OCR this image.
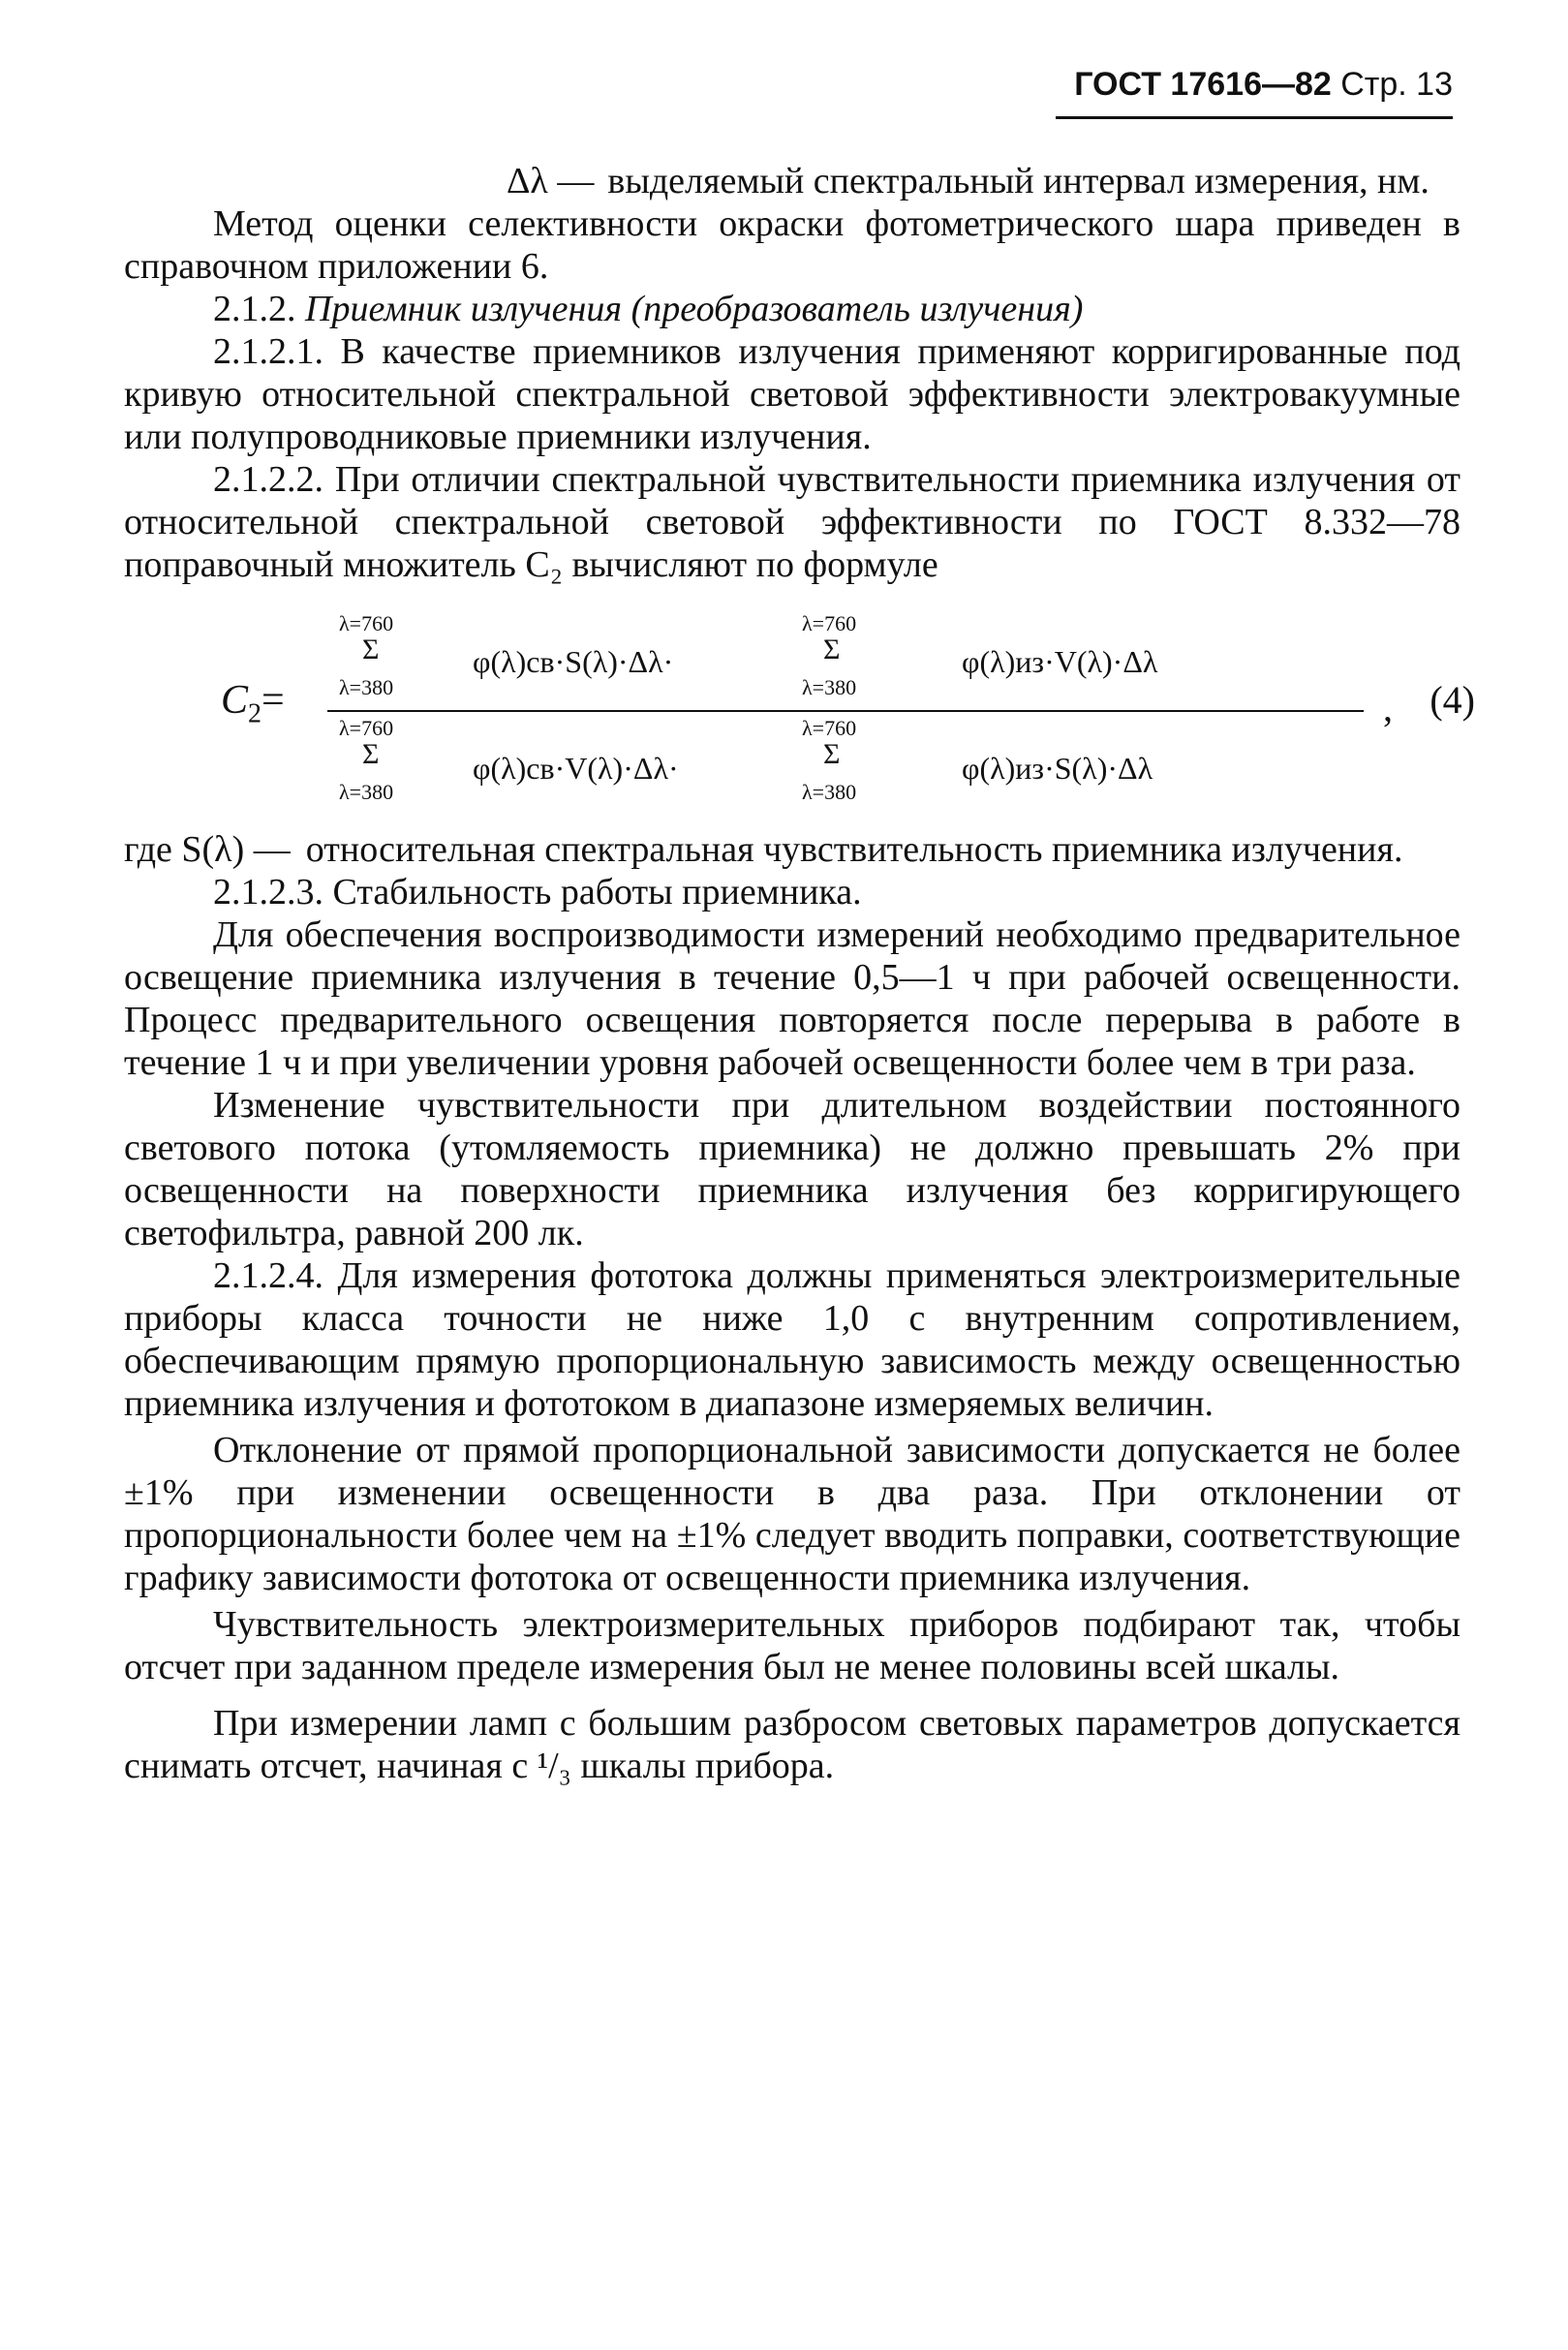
ГОСТ 17616—82 Стр. 13
Δλ — выделяемый спектральный интервал измерения, нм.

Метод оценки селективности окраски фотометрического шара приведен в справочном приложении 6.

2.1.2. Приемник излучения (преобразователь излучения)

2.1.2.1. В качестве приемников излучения применяют корригированные под кривую относительной спектральной световой эффективности электровакуумные или полупроводниковые приемники излучения.

2.1.2.2. При отличии спектральной чувствительности приемника излучения от относительной спектральной световой эффективности по ГОСТ 8.332—78 поправочный множитель C₂ вычисляют по формуле

$C_2=$
λ=760
Σ
λ=380
φ(λ)св·S(λ)·Δλ·
λ=760
Σ
λ=380
φ(λ)из·V(λ)·Δλ
λ=760
Σ
λ=380
φ(λ)св·V(λ)·Δλ·
λ=760
Σ
λ=380
φ(λ)из·S(λ)·Δλ
, (4)
где S(λ) — относительная спектральная чувствительность приемника излучения.

2.1.2.3. Стабильность работы приемника.

Для обеспечения воспроизводимости измерений необходимо предварительное освещение приемника излучения в течение 0,5—1 ч при рабочей освещенности. Процесс предварительного освещения повторяется после перерыва в работе в течение 1 ч и при увеличении уровня рабочей освещенности более чем в три раза.

Изменение чувствительности при длительном воздействии постоянного светового потока (утомляемость приемника) не должно превышать 2% при освещенности на поверхности приемника излучения без корригирующего светофильтра, равной 200 лк.

2.1.2.4. Для измерения фототока должны применяться электроизмерительные приборы класса точности не ниже 1,0 с внутренним сопротивлением, обеспечивающим прямую пропорциональную зависимость между освещенностью приемника излучения и фототоком в диапазоне измеряемых величин.

Отклонение от прямой пропорциональной зависимости допускается не более ±1% при изменении освещенности в два раза. При отклонении от пропорциональности более чем на ±1% следует вводить поправки, соответствующие графику зависимости фототока от освещенности приемника излучения.

Чувствительность электроизмерительных приборов подбирают так, чтобы отсчет при заданном пределе измерения был не менее половины всей шкалы.

При измерении ламп с большим разбросом световых параметров допускается снимать отсчет, начиная с ¹/₃ шкалы прибора.
